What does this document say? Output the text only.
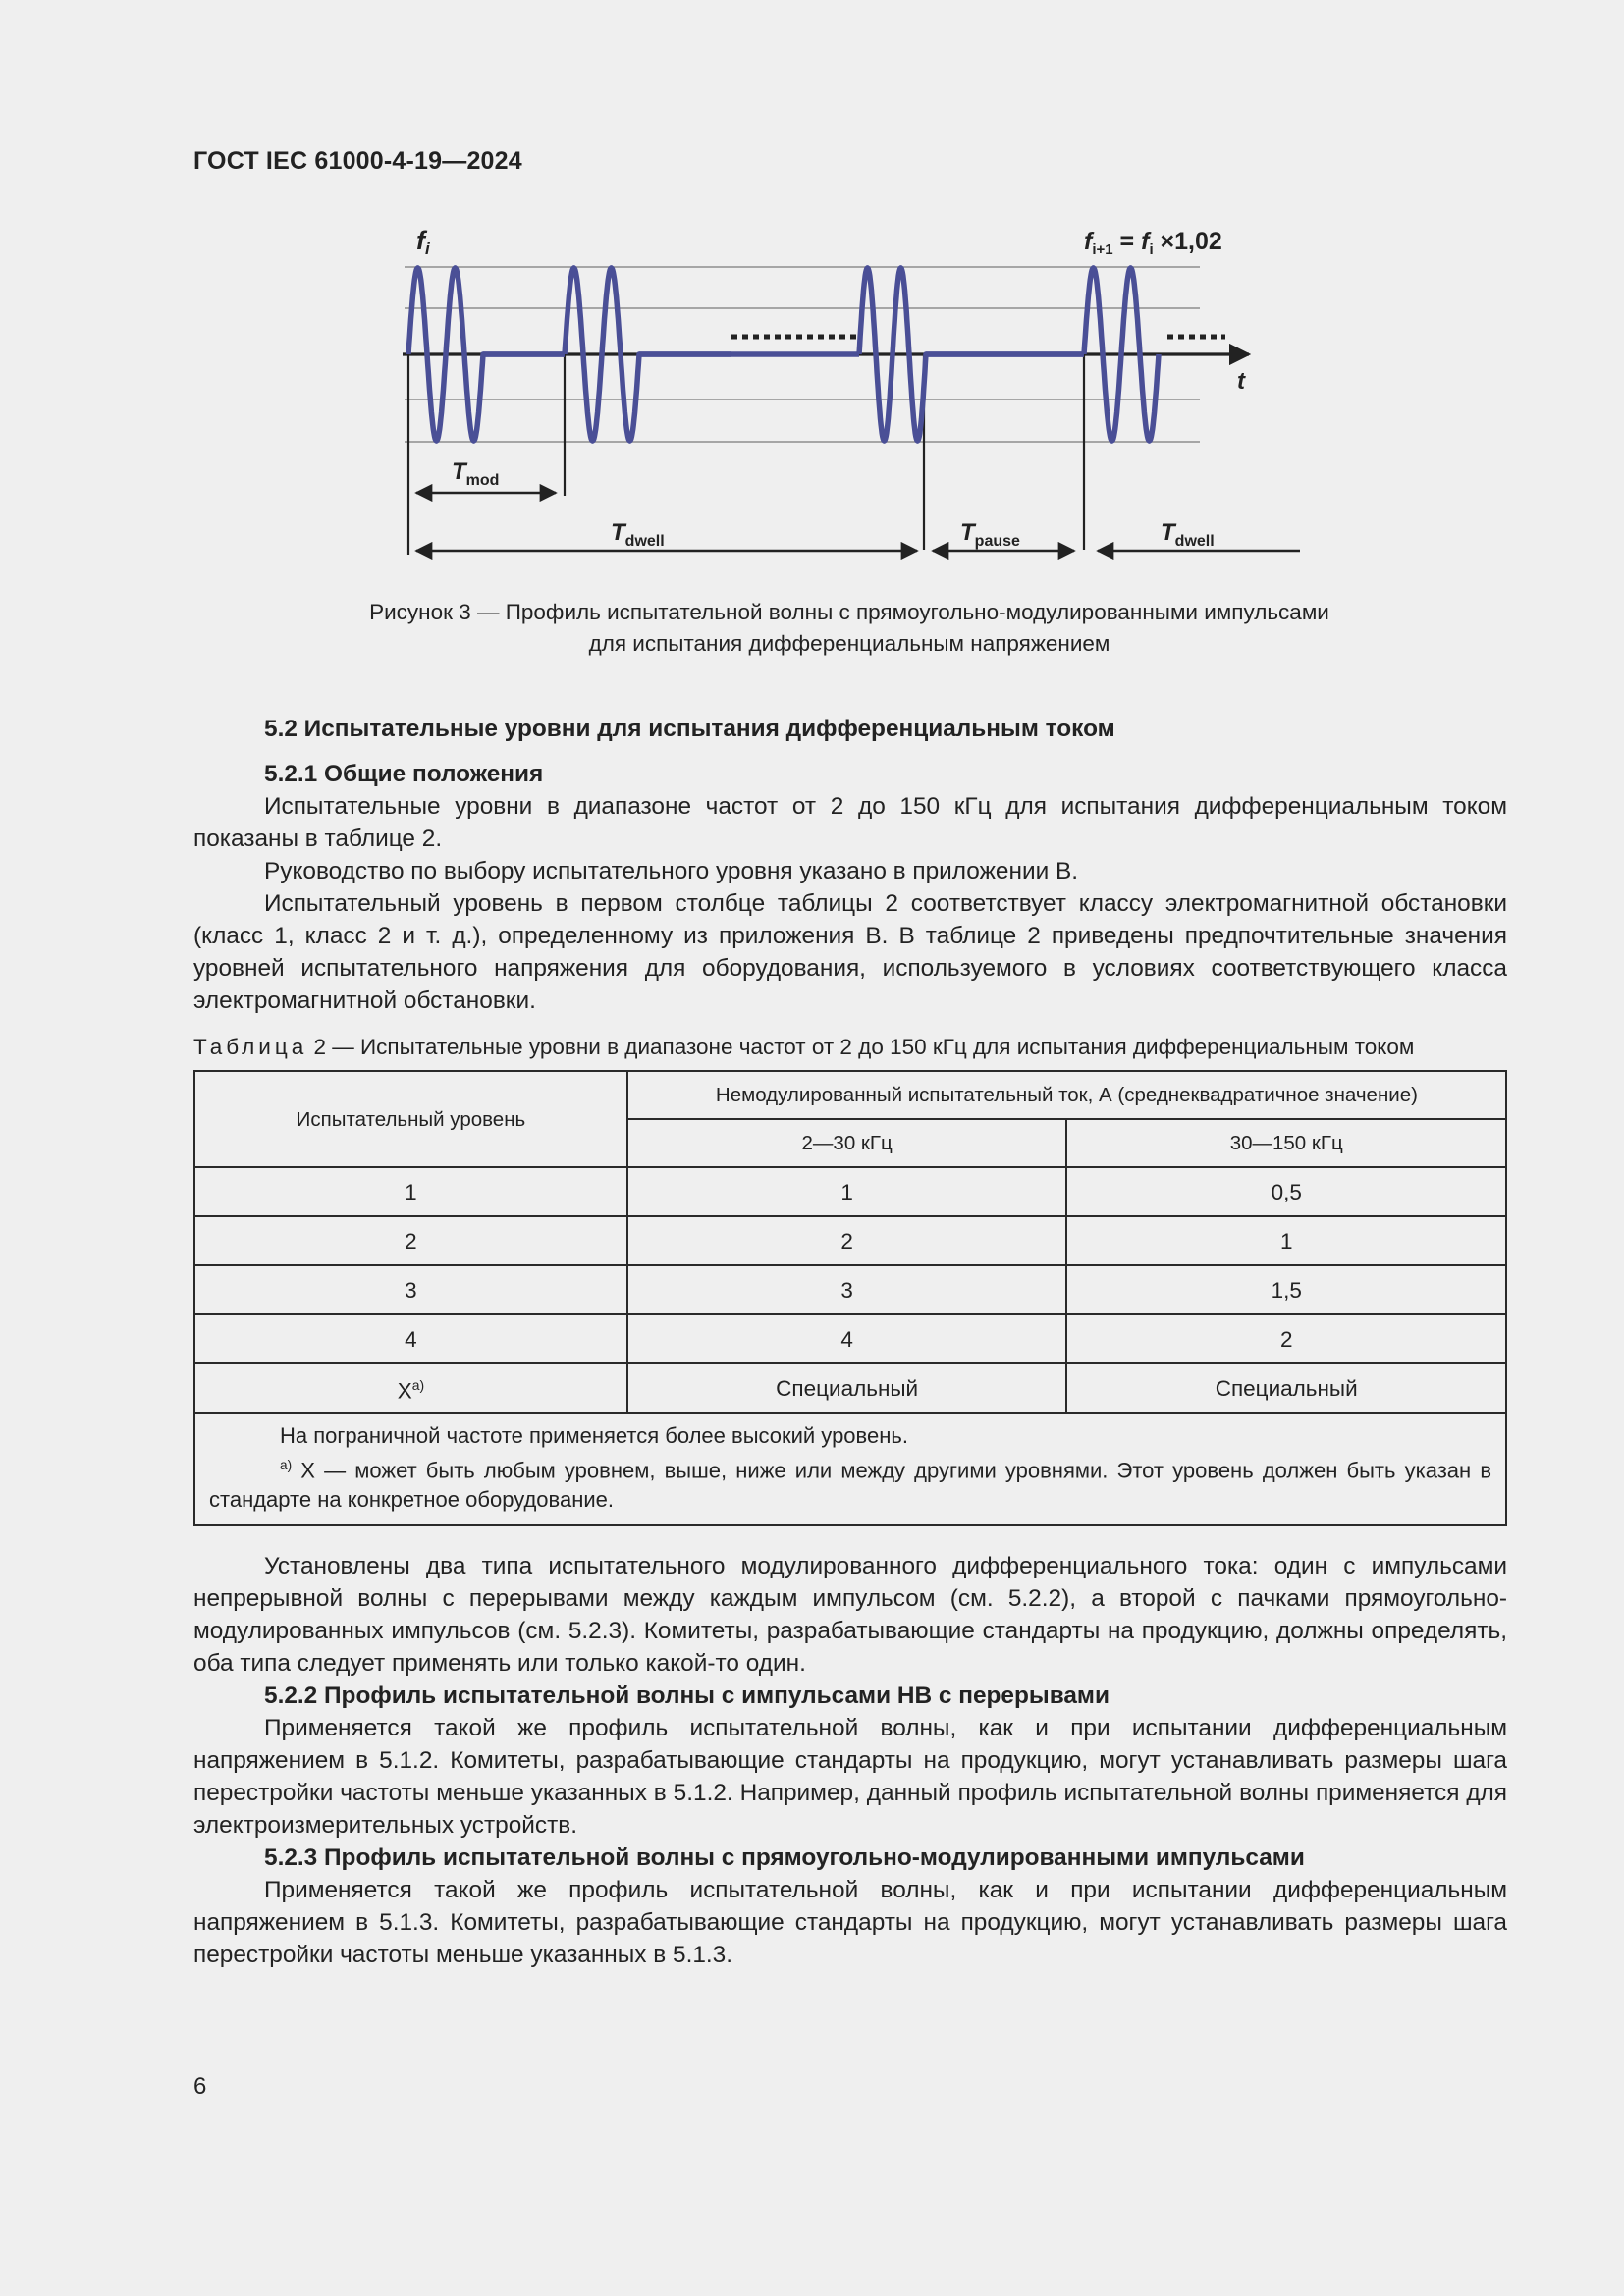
ГОСТ IEC 61000-4-19—2024
fi	$f_{i+1} = f_i \times 1,02$
t
$T_{mod}$
$T_{dwell}$	$T_{pause}$	$T_{dwell}$
Рисунок 3 — Профиль испытательной волны с прямоугольно-модулированными импульсами
для испытания дифференциальным напряжением

5.2 Испытательные уровни для испытания дифференциальным током

5.2.1 Общие положения

Испытательные уровни в диапазоне частот от 2 до 150 кГц для испытания дифференциальным током показаны в таблице 2.

Руководство по выбору испытательного уровня указано в приложении В.

Испытательный уровень в первом столбце таблицы 2 соответствует классу электромагнитной обстановки (класс 1, класс 2 и т. д.), определенному из приложения В. В таблице 2 приведены предпочтительные значения уровней испытательного напряжения для оборудования, используемого в условиях соответствующего класса электромагнитной обстановки.

Таблица 2 — Испытательные уровни в диапазоне частот от 2 до 150 кГц для испытания дифференциальным током
Испытательный уровень	Немодулированный испытательный ток, А (среднеквадратичное значение)	
	2—30 кГц	30—150 кГц
1	1	0,5
2	2	1
3	3	1,5
4	4	2
$X^{a)}$	Специальный	Специальный

На пограничной частоте применяется более высокий уровень.

$^{a)}$ X — может быть любым уровнем, выше, ниже или между другими уровнями. Этот уровень должен быть указан в стандарте на конкретное оборудование.		

Установлены два типа испытательного модулированного дифференциального тока: один с импульсами непрерывной волны с перерывами между каждым импульсом (см. 5.2.2), а второй с пачками прямоугольно-модулированных импульсов (см. 5.2.3). Комитеты, разрабатывающие стандарты на продукцию, должны определять, оба типа следует применять или только какой-то один.

5.2.2 Профиль испытательной волны с импульсами НВ с перерывами

Применяется такой же профиль испытательной волны, как и при испытании дифференциальным напряжением в 5.1.2. Комитеты, разрабатывающие стандарты на продукцию, могут устанавливать размеры шага перестройки частоты меньше указанных в 5.1.2. Например, данный профиль испытательной волны применяется для электроизмерительных устройств.

5.2.3 Профиль испытательной волны с прямоугольно-модулированными импульсами

Применяется такой же профиль испытательной волны, как и при испытании дифференциальным напряжением в 5.1.3. Комитеты, разрабатывающие стандарты на продукцию, могут устанавливать размеры шага перестройки частоты меньше указанных в 5.1.3.

6
